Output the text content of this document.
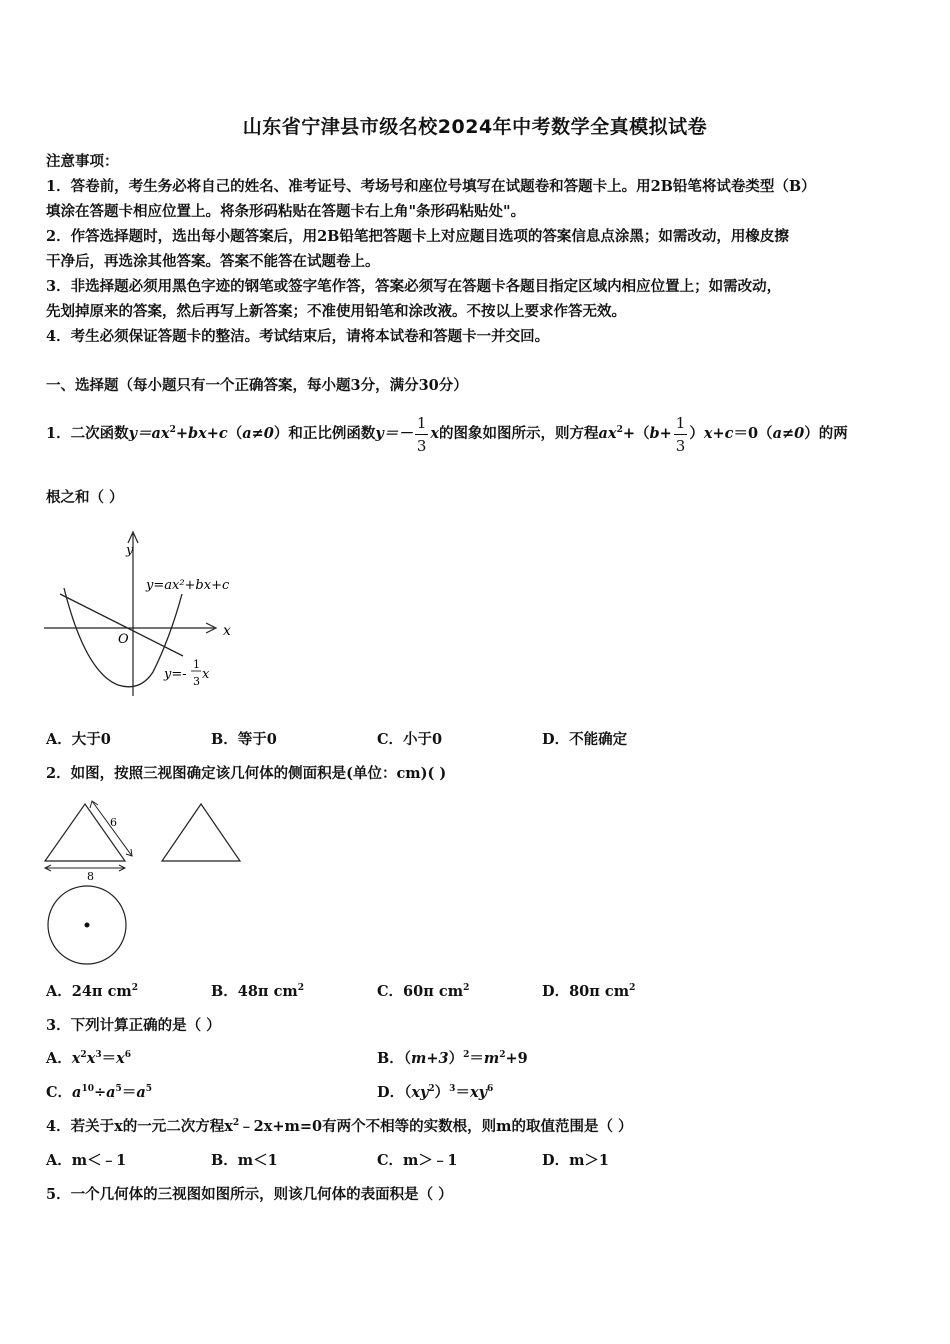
山东省宁津县市级名校2024年中考数学全真模拟试卷
注意事项：
1．答卷前，考生务必将自己的姓名、准考证号、考场号和座位号填写在试题卷和答题卡上。用2B铅笔将试卷类型（B）
填涂在答题卡相应位置上。将条形码粘贴在答题卡右上角"条形码粘贴处"。
2．作答选择题时，选出每小题答案后，用2B铅笔把答题卡上对应题目选项的答案信息点涂黑；如需改动，用橡皮擦
干净后，再选涂其他答案。答案不能答在试题卷上。
3．非选择题必须用黑色字迹的钢笔或签字笔作答，答案必须写在答题卡各题目指定区域内相应位置上；如需改动，
先划掉原来的答案，然后再写上新答案；不准使用铅笔和涂改液。不按以上要求作答无效。
4．考生必须保证答题卡的整洁。考试结束后，请将本试卷和答题卡一并交回。
一、选择题（每小题只有一个正确答案，每小题3分，满分30分）
1．二次函数$y=ax^2+bx+c(a\ne 0)$和正比例函数$y=- \frac{1}{3}$ x的图象如图所示，则方程$ax^2+(b+ \frac{1}{3} )x+c=0(a\ne 0)$的两
根之和（ ）
y
x
O
y=ax²+bx+c
y=-
1
3 x
A．大于0	B．等于0	C．小于0	D．不能确定
2．如图，按照三视图确定该几何体的侧面积是(单位：cm)( )
6
8
A．24π $cm^2$	B．48π $cm^2$	C．60π $cm^2$	D．80π $cm^2$
3．下列计算正确的是（ ）
A．$x^2x^3=x^6$	B．$(m+3)^2=m^2+9$
C．$a^{10}\div a^5=a^5$	D．$(xy^2)^3=xy^6$
4．若关于x的一元二次方程$x^2﹣2x+m=0$有两个不相等的实数根，则m的取值范围是（ ）
A．m＜﹣1	B．m＜1	C．m＞﹣1	D．m＞1
5．一个几何体的三视图如图所示，则该几何体的表面积是（ ）
